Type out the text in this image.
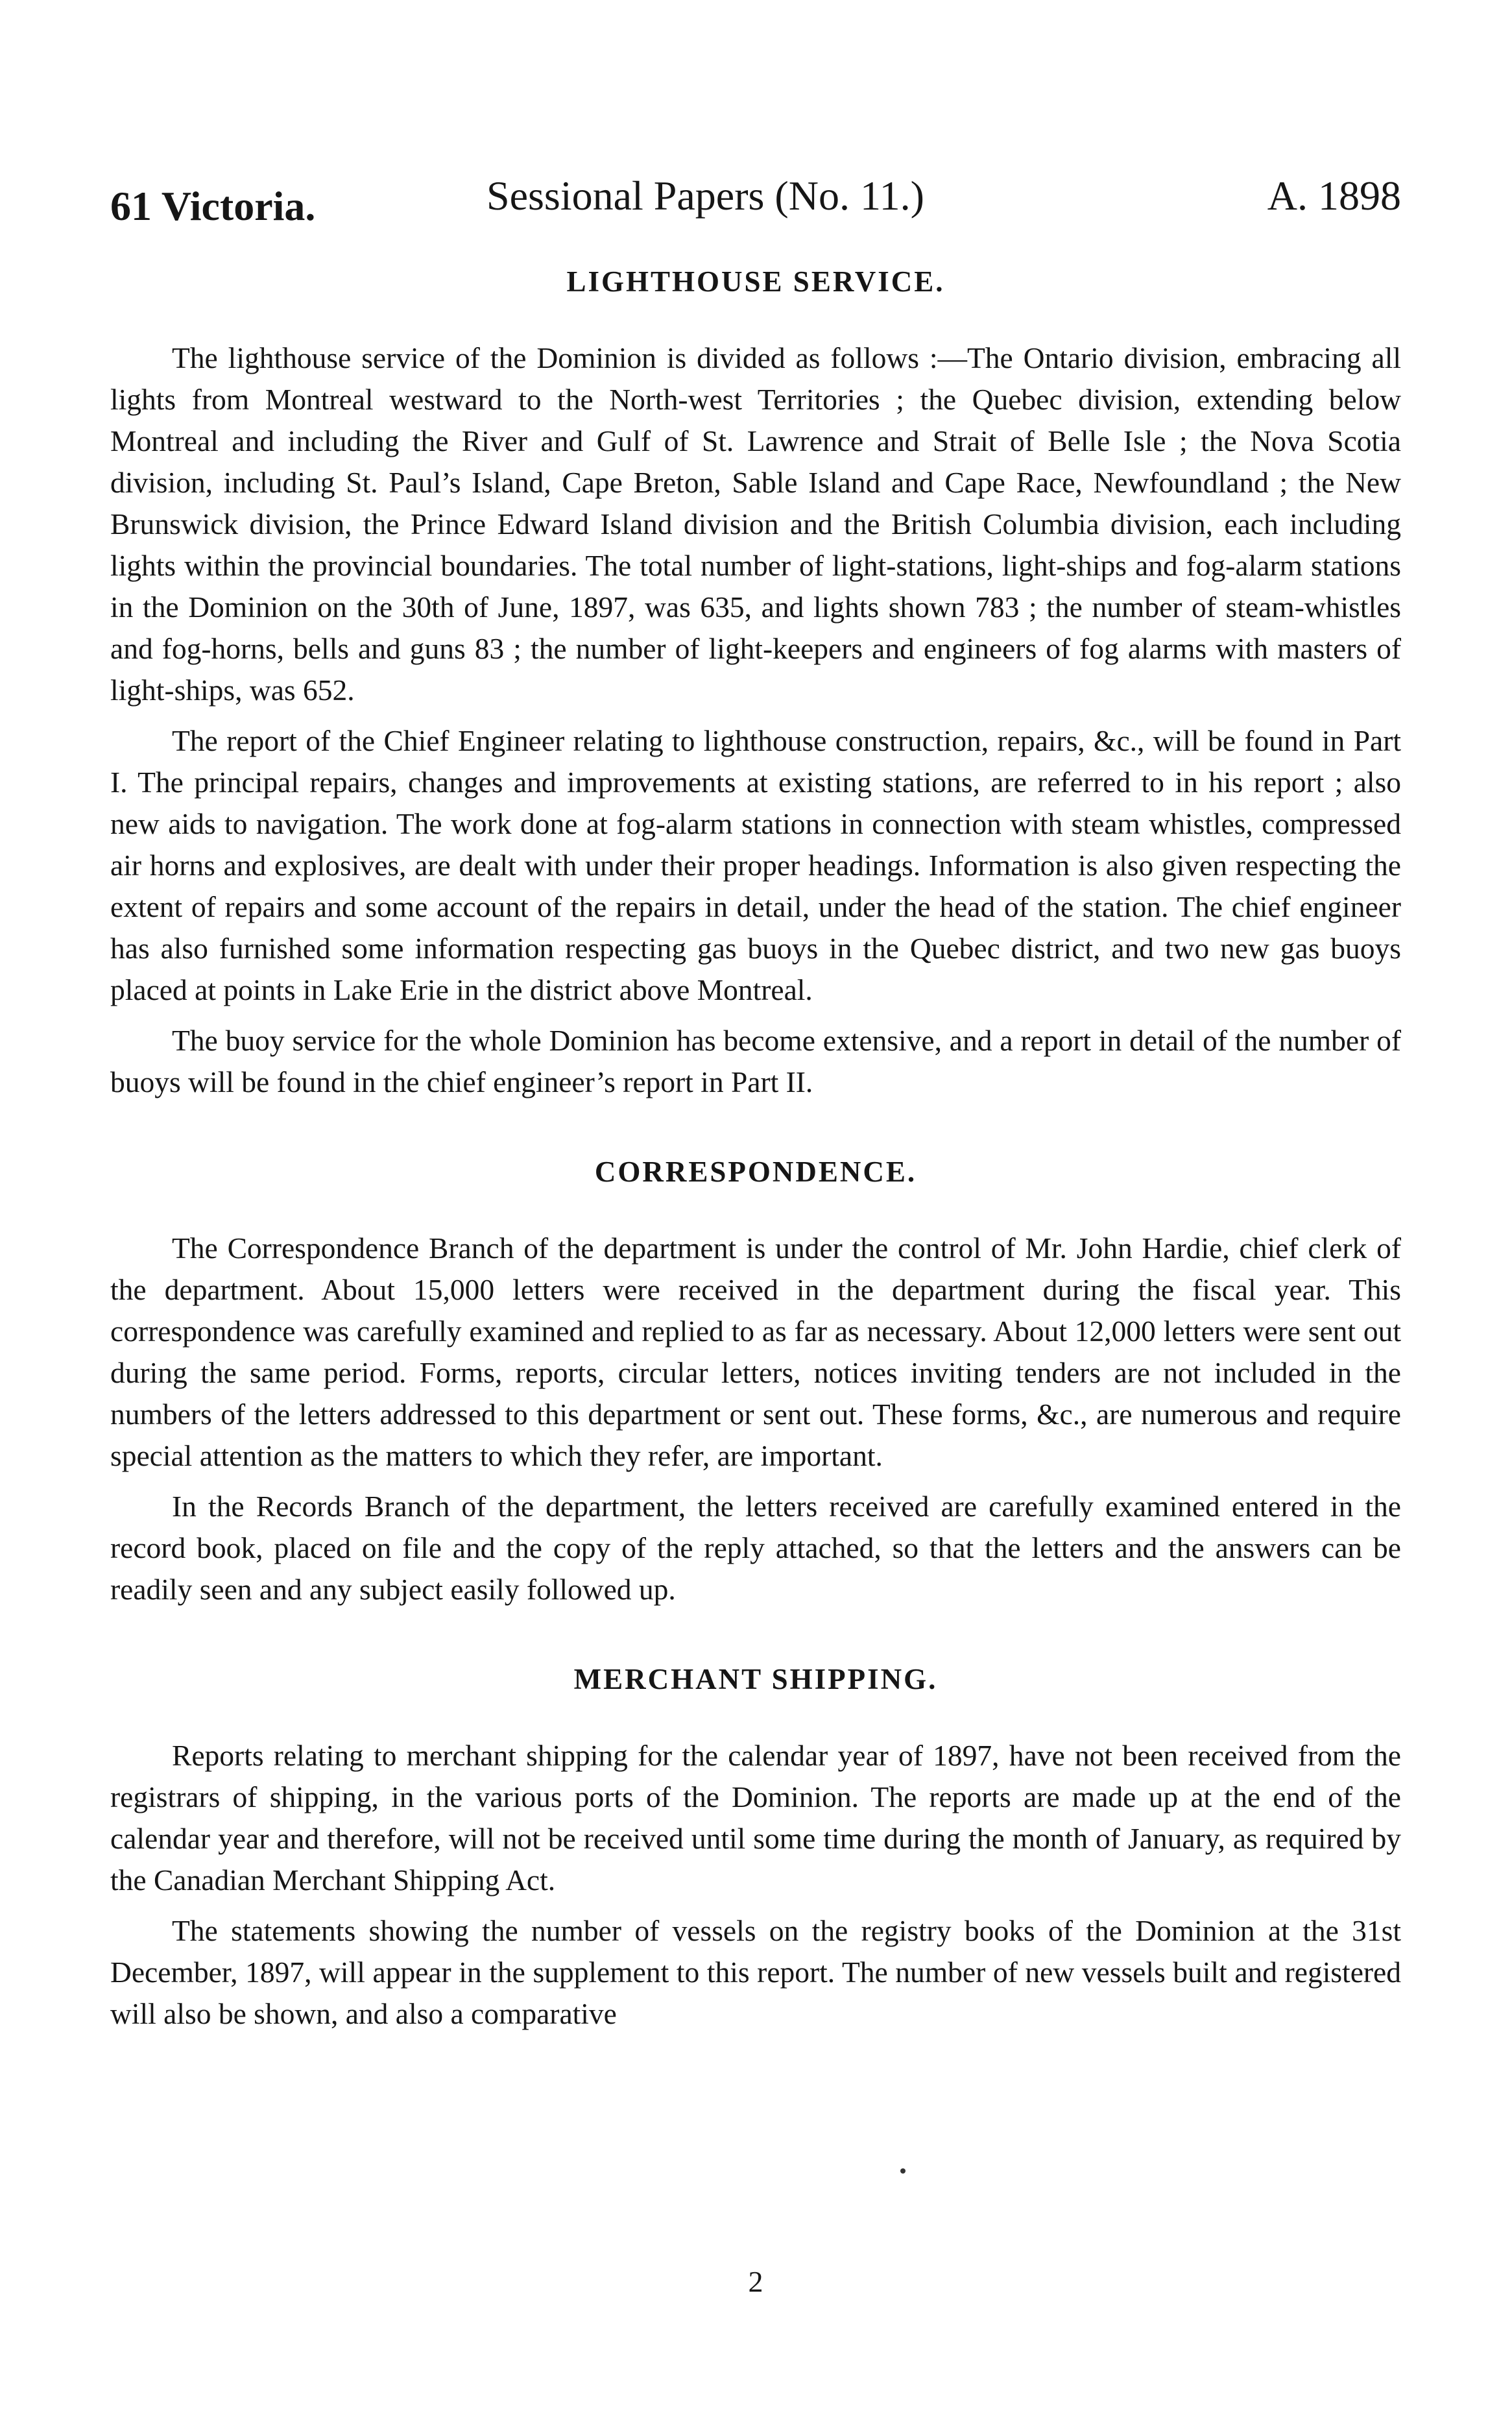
61 Victoria.	Sessional Papers (No. 11.)	A. 1898
LIGHTHOUSE SERVICE.

The lighthouse service of the Dominion is divided as follows :—The Ontario division, embracing all lights from Montreal westward to the North-west Territories ; the Quebec division, extending below Montreal and including the River and Gulf of St. Lawrence and Strait of Belle Isle ; the Nova Scotia division, including St. Paul’s Island, Cape Breton, Sable Island and Cape Race, Newfoundland ; the New Brunswick division, the Prince Edward Island division and the British Columbia division, each including lights within the provincial boundaries. The total number of light-stations, light-ships and fog-alarm stations in the Dominion on the 30th of June, 1897, was 635, and lights shown 783 ; the number of steam-whistles and fog-horns, bells and guns 83 ; the number of light-keepers and engineers of fog alarms with masters of light-ships, was 652.

The report of the Chief Engineer relating to lighthouse construction, repairs, &c., will be found in Part I. The principal repairs, changes and improvements at existing stations, are referred to in his report ; also new aids to navigation. The work done at fog-alarm stations in connection with steam whistles, compressed air horns and explosives, are dealt with under their proper headings. Information is also given respecting the extent of repairs and some account of the repairs in detail, under the head of the station. The chief engineer has also furnished some information respecting gas buoys in the Quebec district, and two new gas buoys placed at points in Lake Erie in the district above Montreal.

The buoy service for the whole Dominion has become extensive, and a report in detail of the number of buoys will be found in the chief engineer’s report in Part II.

CORRESPONDENCE.

The Correspondence Branch of the department is under the control of Mr. John Hardie, chief clerk of the department. About 15,000 letters were received in the department during the fiscal year. This correspondence was carefully examined and replied to as far as necessary. About 12,000 letters were sent out during the same period. Forms, reports, circular letters, notices inviting tenders are not included in the numbers of the letters addressed to this department or sent out. These forms, &c., are numerous and require special attention as the matters to which they refer, are important.

In the Records Branch of the department, the letters received are carefully examined entered in the record book, placed on file and the copy of the reply attached, so that the letters and the answers can be readily seen and any subject easily followed up.

MERCHANT SHIPPING.

Reports relating to merchant shipping for the calendar year of 1897, have not been received from the registrars of shipping, in the various ports of the Dominion. The reports are made up at the end of the calendar year and therefore, will not be received until some time during the month of January, as required by the Canadian Merchant Shipping Act.

The statements showing the number of vessels on the registry books of the Dominion at the 31st December, 1897, will appear in the supplement to this report. The number of new vessels built and registered will also be shown, and also a comparative

2
